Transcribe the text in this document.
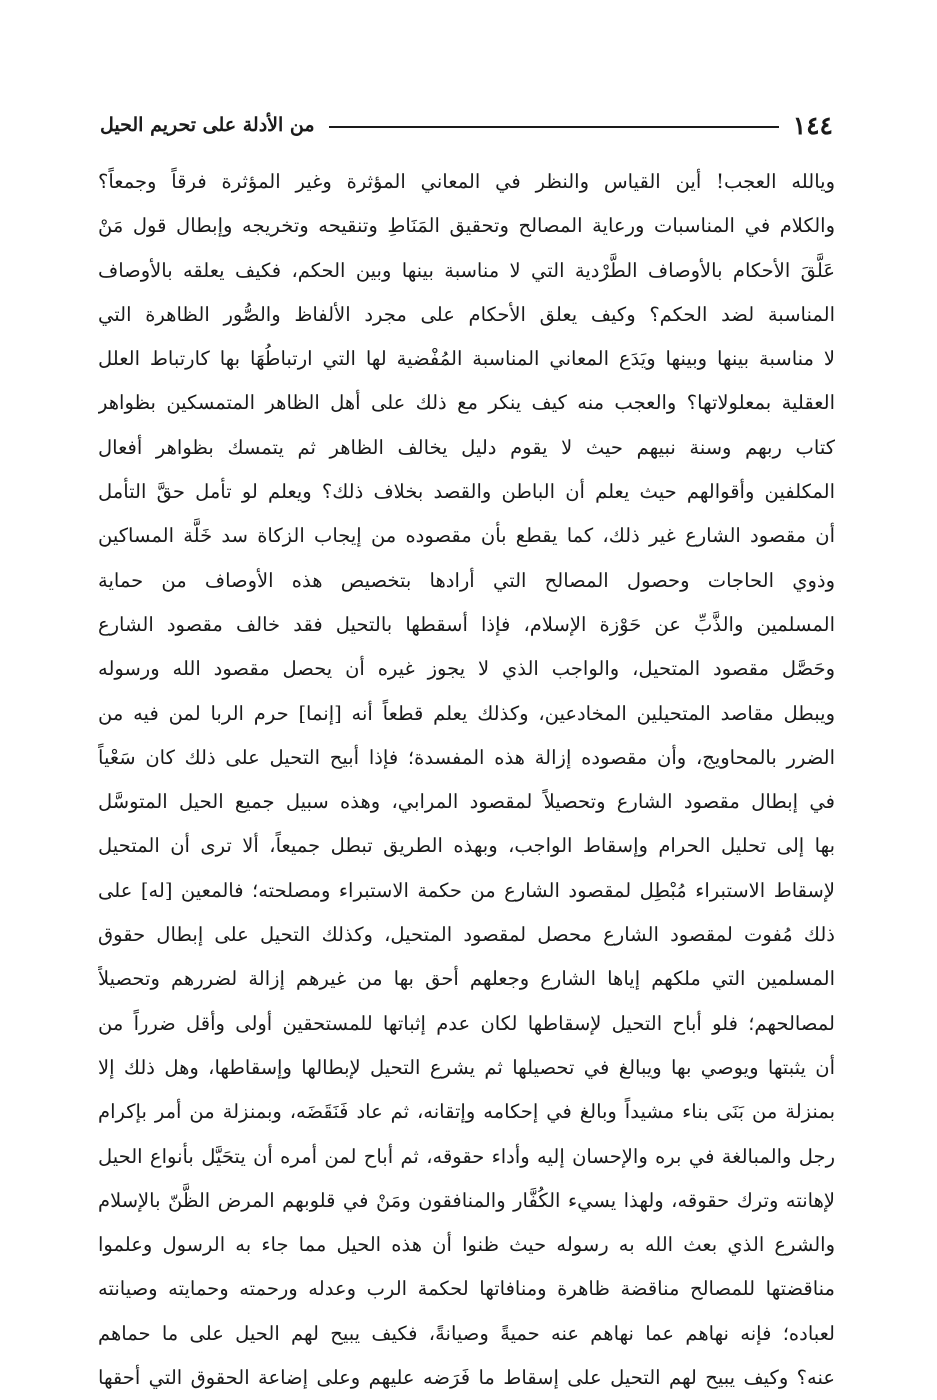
١٤٤
من الأدلة على تحريم الحيل
ويالله العجب! أين القياس والنظر في المعاني المؤثرة وغير المؤثرة فرقاً وجمعاً؟
والكلام في المناسبات ورعاية المصالح وتحقيق المَنَاطِ وتنقيحه وتخريجه وإبطال قول مَنْ
عَلَّقَ الأحكام بالأوصاف الطَّرْدية التي لا مناسبة بينها وبين الحكم، فكيف يعلقه بالأوصاف
المناسبة لضد الحكم؟ وكيف يعلق الأحكام على مجرد الألفاظ والصُّور الظاهرة التي
لا مناسبة بينها وبينها ويَدَع المعاني المناسبة المُفْضية لها التي ارتباطُهَا بها كارتباط العلل
العقلية بمعلولاتها؟ والعجب منه كيف ينكر مع ذلك على أهل الظاهر المتمسكين بظواهر
كتاب ربهم وسنة نبيهم حيث لا يقوم دليل يخالف الظاهر ثم يتمسك بظواهر أفعال
المكلفين وأقوالهم حيث يعلم أن الباطن والقصد بخلاف ذلك؟ ويعلم لو تأمل حقَّ التأمل
أن مقصود الشارع غير ذلك، كما يقطع بأن مقصوده من إيجاب الزكاة سد خَلَّة المساكين
وذوي الحاجات وحصول المصالح التي أرادها بتخصيص هذه الأوصاف من حماية
المسلمين والذَّبِّ عن حَوْزة الإسلام، فإذا أسقطها بالتحيل فقد خالف مقصود الشارع
وحَصَّل مقصود المتحيل، والواجب الذي لا يجوز غيره أن يحصل مقصود الله ورسوله
ويبطل مقاصد المتحيلين المخادعين، وكذلك يعلم قطعاً أنه [إنما] حرم الربا لمن فيه من
الضرر بالمحاويج، وأن مقصوده إزالة هذه المفسدة؛ فإذا أبيح التحيل على ذلك كان سَعْياً
في إبطال مقصود الشارع وتحصيلاً لمقصود المرابي، وهذه سبيل جميع الحيل المتوسَّل
بها إلى تحليل الحرام وإسقاط الواجب، وبهذه الطريق تبطل جميعاً، ألا ترى أن المتحيل
لإسقاط الاستبراء مُبْطِل لمقصود الشارع من حكمة الاستبراء ومصلحته؛ فالمعين [له] على
ذلك مُفوت لمقصود الشارع محصل لمقصود المتحيل، وكذلك التحيل على إبطال حقوق
المسلمين التي ملكهم إياها الشارع وجعلهم أحق بها من غيرهم إزالة لضررهم وتحصيلاً
لمصالحهم؛ فلو أباح التحيل لإسقاطها لكان عدم إثباتها للمستحقين أولى وأقل ضرراً من
أن يثبتها ويوصي بها ويبالغ في تحصيلها ثم يشرع التحيل لإبطالها وإسقاطها، وهل ذلك إلا
بمنزلة من بَنَى بناء مشيداً وبالغ في إحكامه وإتقانه، ثم عاد فَنَقَضَه، وبمنزلة من أمر بإكرام
رجل والمبالغة في بره والإحسان إليه وأداء حقوقه، ثم أباح لمن أمره أن يتحَيَّل بأنواع الحيل
لإهانته وترك حقوقه، ولهذا يسيء الكُفَّار والمنافقون ومَنْ في قلوبهم المرض الظَّنّ بالإسلام
والشرع الذي بعث الله به رسوله حيث ظنوا أن هذه الحيل مما جاء به الرسول وعلموا
مناقضتها للمصالح مناقضة ظاهرة ومنافاتها لحكمة الرب وعدله ورحمته وحمايته وصيانته
لعباده؛ فإنه نهاهم عما نهاهم عنه حميةً وصيانةً، فكيف يبيح لهم الحيل على ما حماهم
عنه؟ وكيف يبيح لهم التحيل على إسقاط ما فَرَضه عليهم وعلى إضاعة الحقوق التي أحقها
